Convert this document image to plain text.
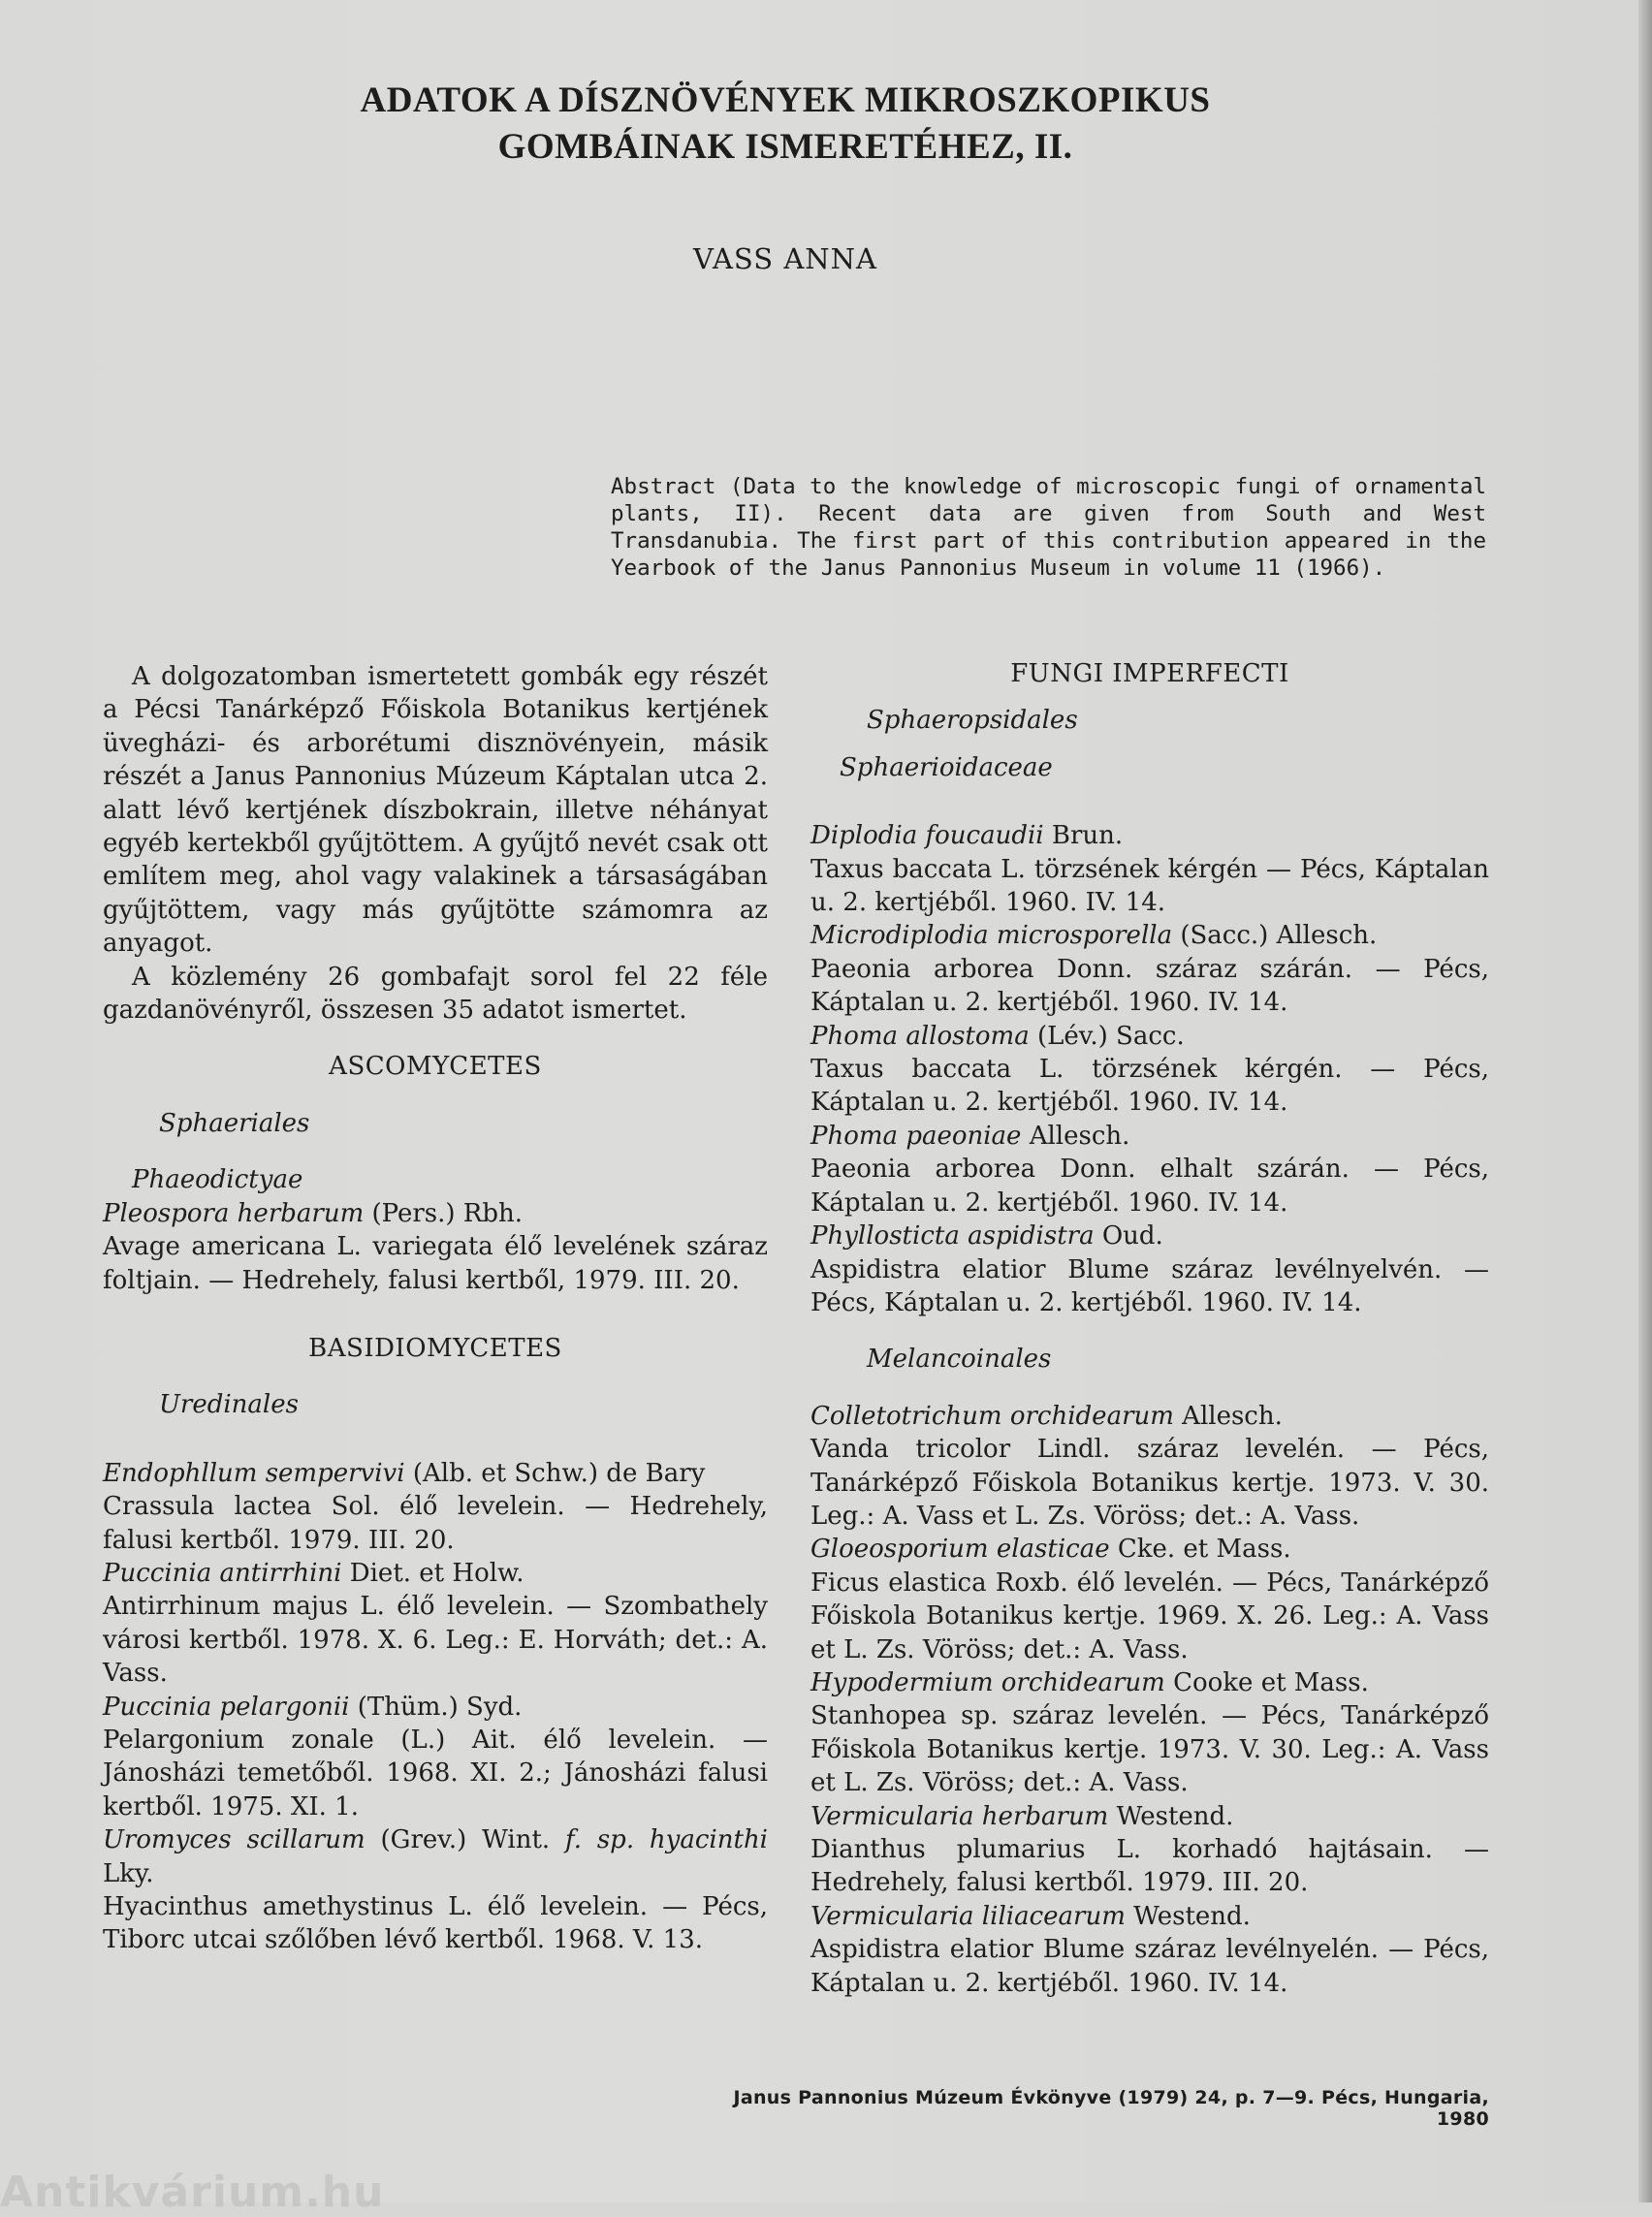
ADATOK A DÍSZNÖVÉNYEK MIKROSZKOPIKUS
GOMBÁINAK ISMERETÉHEZ, II.
VASS ANNA

Abstract (Data to the knowledge of microscopic fungi of ornamental plants, II). Recent data are given from South and West Transdanubia. The first part of this contribution appeared in the Yearbook of the Janus Pannonius Museum in volume 11 (1966).

A dolgozatomban ismertetett gombák egy részét a Pécsi Tanárképző Főiskola Botanikus kertjének üvegházi- és arborétumi disznövényein, másik részét a Janus Pannonius Múzeum Káptalan utca 2. alatt lévő kertjének díszbokrain, illetve néhányat egyéb kertekből gyűjtöttem. A gyűjtő nevét csak ott említem meg, ahol vagy valakinek a társaságában gyűjtöttem, vagy más gyűjtötte számomra az anyagot.

A közlemény 26 gombafajt sorol fel 22 féle gazdanövényről, összesen 35 adatot ismertet.

ASCOMYCETES

Sphaeriales

Phaeodictyae

Pleospora herbarum (Pers.) Rbh.

Avage americana L. variegata élő levelének száraz foltjain. — Hedrehely, falusi kertből, 1979. III. 20.

BASIDIOMYCETES

Uredinales

Endophllum sempervivi (Alb. et Schw.) de Bary

Crassula lactea Sol. élő levelein. — Hedrehely, falusi kertből. 1979. III. 20.

Puccinia antirrhini Diet. et Holw.

Antirrhinum majus L. élő levelein. — Szombathely városi kertből. 1978. X. 6. Leg.: E. Horváth; det.: A. Vass.

Puccinia pelargonii (Thüm.) Syd.

Pelargonium zonale (L.) Ait. élő levelein. — Jánosházi temetőből. 1968. XI. 2.; Jánosházi falusi kertből. 1975. XI. 1.

Uromyces scillarum (Grev.) Wint. f. sp. hyacinthi Lky.

Hyacinthus amethystinus L. élő levelein. — Pécs, Tiborc utcai szőlőben lévő kertből. 1968. V. 13.

FUNGI IMPERFECTI

Sphaeropsidales

Sphaerioidaceae

Diplodia foucaudii Brun.

Taxus baccata L. törzsének kérgén — Pécs, Káptalan u. 2. kertjéből. 1960. IV. 14.

Microdiplodia microsporella (Sacc.) Allesch.

Paeonia arborea Donn. száraz szárán. — Pécs, Káptalan u. 2. kertjéből. 1960. IV. 14.

Phoma allostoma (Lév.) Sacc.

Taxus baccata L. törzsének kérgén. — Pécs, Káptalan u. 2. kertjéből. 1960. IV. 14.

Phoma paeoniae Allesch.

Paeonia arborea Donn. elhalt szárán. — Pécs, Káptalan u. 2. kertjéből. 1960. IV. 14.

Phyllosticta aspidistra Oud.

Aspidistra elatior Blume száraz levélnyelvén. — Pécs, Káptalan u. 2. kertjéből. 1960. IV. 14.

Melancoinales

Colletotrichum orchidearum Allesch.

Vanda tricolor Lindl. száraz levelén. — Pécs, Tanárképző Főiskola Botanikus kertje. 1973. V. 30. Leg.: A. Vass et L. Zs. Vöröss; det.: A. Vass.

Gloeosporium elasticae Cke. et Mass.

Ficus elastica Roxb. élő levelén. — Pécs, Tanárképző Főiskola Botanikus kertje. 1969. X. 26. Leg.: A. Vass et L. Zs. Vöröss; det.: A. Vass.

Hypodermium orchidearum Cooke et Mass.

Stanhopea sp. száraz levelén. — Pécs, Tanárképző Főiskola Botanikus kertje. 1973. V. 30. Leg.: A. Vass et L. Zs. Vöröss; det.: A. Vass.

Vermicularia herbarum Westend.

Dianthus plumarius L. korhadó hajtásain. — Hedrehely, falusi kertből. 1979. III. 20.

Vermicularia liliacearum Westend.

Aspidistra elatior Blume száraz levélnyelén. — Pécs, Káptalan u. 2. kertjéből. 1960. IV. 14.

Janus Pannonius Múzeum Évkönyve (1979) 24, p. 7—9. Pécs, Hungaria, 1980
Antikvárium.hu
